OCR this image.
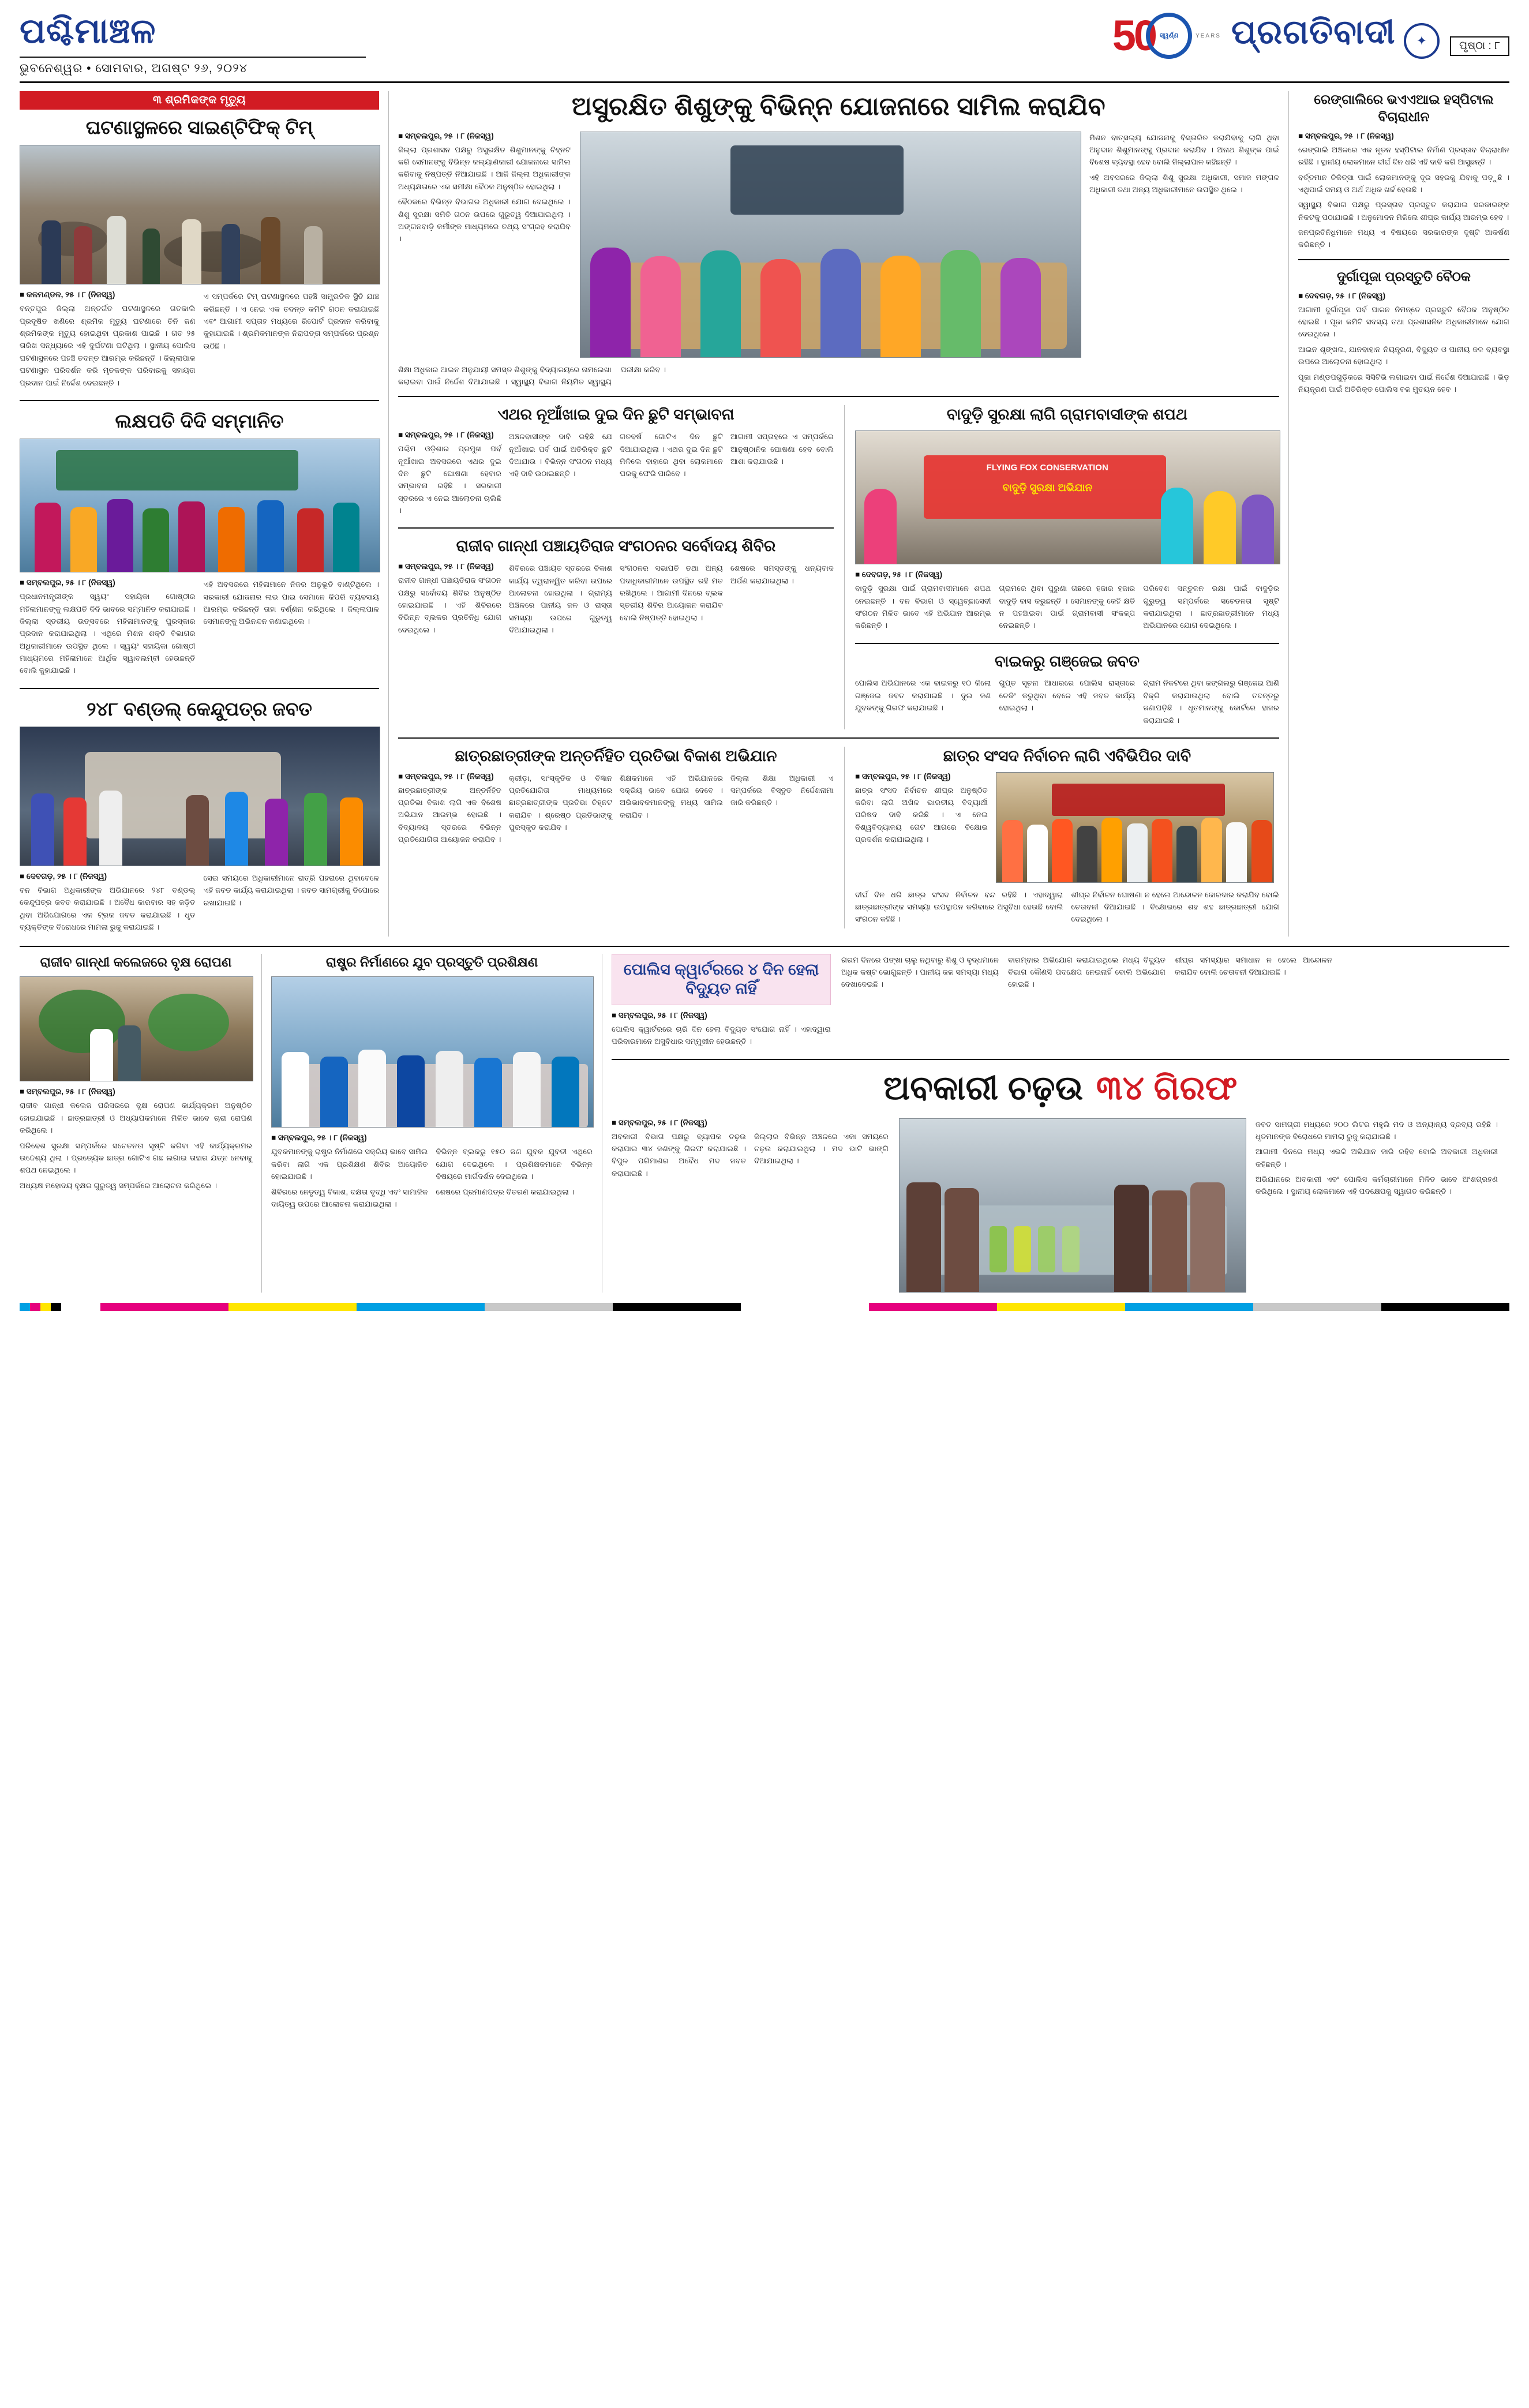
ପଶ୍ଚିମାଞ୍ଚଳ
ଭୁବନେଶ୍ୱର • ସୋମବାର, ଅଗଷ୍ଟ ୨୬, ୨୦୨୪
50 ସ୍ୱର୍ଣ୍ଣ	YEARS ପ୍ରଗତିବାଦୀ ✦	ପୃଷ୍ଠା : ୮
୩ ଶ୍ରମିକଙ୍କ ମୃତ୍ୟୁ
ଘଟଣାସ୍ଥଳରେ ସାଇଣ୍ଟିଫିକ୍ ଟିମ୍
■ କଳମଣ୍ଡଳ, ୨୫ । ୮ (ନିଜସ୍ୱ)

ବନ୍ତପୁର ଜିଲ୍ଲା ଅନ୍ତର୍ଗତ ଘଟଣାସ୍ଥଳରେ ଗତକାଲି ପ୍ରଦୂଷିତ ଖଣିରେ ଶ୍ରମିକ ମୃତ୍ୟୁ ଘଟଣାରେ ତିନି ଜଣ ଶ୍ରମିକଙ୍କ ମୃତ୍ୟୁ ହୋଇଥିବା ପ୍ରକାଶ ପାଇଛି । ଗତ ୨୫ ତାରିଖ ସନ୍ଧ୍ୟାରେ ଏହି ଦୁର୍ଘଟଣା ଘଟିଥିଲା । ସ୍ଥାନୀୟ ପୋଲିସ ଘଟଣାସ୍ଥଳରେ ପହଞ୍ଚି ତଦନ୍ତ ଆରମ୍ଭ କରିଛନ୍ତି । ଜିଲ୍ଲାପାଳ ଘଟଣାସ୍ଥଳ ପରିଦର୍ଶନ କରି ମୃତକଙ୍କ ପରିବାରକୁ ସହାୟତା ପ୍ରଦାନ ପାଇଁ ନିର୍ଦ୍ଦେଶ ଦେଇଛନ୍ତି ।

ଏ ସମ୍ପର୍କରେ ଟିମ୍ ଘଟଣାସ୍ଥଳରେ ପହଞ୍ଚି ସାମ୍ପ୍ରତିକ ସ୍ଥିତି ଯାଞ୍ଚ କରିଛନ୍ତି । ଏ ନେଇ ଏକ ତଦନ୍ତ କମିଟି ଗଠନ କରାଯାଇଛି ଏବଂ ଆଗାମୀ ସପ୍ତାହ ମଧ୍ୟରେ ରିପୋର୍ଟ ପ୍ରଦାନ କରିବାକୁ କୁହାଯାଇଛି । ଶ୍ରମିକମାନଙ୍କ ନିରାପତ୍ତା ସମ୍ପର୍କରେ ପ୍ରଶ୍ନ ଉଠିଛି ।

ଲକ୍ଷପତି ଦିଦି ସମ୍ମାନିତ
■ ସମ୍ବଲପୁର, ୨୫ । ୮ (ନିଜସ୍ୱ)

ପ୍ରଧାନମନ୍ତ୍ରୀଙ୍କ ସ୍ୱୟଂ ସହାୟିକା ଗୋଷ୍ଠୀର ମହିଳାମାନଙ୍କୁ ଲକ୍ଷପତି ଦିଦି ଭାବରେ ସମ୍ମାନିତ କରାଯାଇଛି । ଜିଲ୍ଲା ସ୍ତରୀୟ ଉତ୍ସବରେ ମହିଳାମାନଙ୍କୁ ପୁରସ୍କାର ପ୍ରଦାନ କରାଯାଇଥିଲା । ଏଥିରେ ମିଶନ ଶକ୍ତି ବିଭାଗର ଅଧିକାରୀମାନେ ଉପସ୍ଥିତ ଥିଲେ । ସ୍ୱୟଂ ସହାୟିକା ଗୋଷ୍ଠୀ ମାଧ୍ୟମରେ ମହିଳାମାନେ ଆର୍ଥିକ ସ୍ୱାବଲମ୍ବୀ ହେଉଛନ୍ତି ବୋଲି କୁହାଯାଇଛି ।

ଏହି ଅବସରରେ ମହିଳାମାନେ ନିଜର ଅନୁଭୂତି ବାଣ୍ଟିଥିଲେ । ସରକାରୀ ଯୋଜନାର ଲାଭ ପାଇ ସେମାନେ କିପରି ବ୍ୟବସାୟ ଆରମ୍ଭ କରିଛନ୍ତି ତାହା ବର୍ଣ୍ଣନା କରିଥିଲେ । ଜିଲ୍ଲାପାଳ ସେମାନଙ୍କୁ ଅଭିନନ୍ଦନ ଜଣାଇଥିଲେ ।

୨୪୮ ବଣ୍ଡଲ୍ କେନ୍ଦୁପତ୍ର ଜବତ
■ ଦେବଗଡ଼, ୨୫ । ୮ (ନିଜସ୍ୱ)

ବନ ବିଭାଗ ଅଧିକାରୀଙ୍କ ଅଭିଯାନରେ ୨୪୮ ବଣ୍ଡଲ୍ କେନ୍ଦୁପତ୍ର ଜବତ କରାଯାଇଛି । ଅବୈଧ କାରବାର ସହ ଜଡ଼ିତ ଥିବା ଅଭିଯୋଗରେ ଏକ ଟ୍ରକ ଜବତ କରାଯାଇଛି । ଧୃତ ବ୍ୟକ୍ତିଙ୍କ ବିରୋଧରେ ମାମଲା ରୁଜୁ କରାଯାଇଛି ।

ସେଇ ସମୟରେ ଅଧିକାରୀମାନେ ରାତ୍ରି ପହରାରେ ଥିବାବେଳେ ଏହି ଜବତ କାର୍ଯ୍ୟ କରାଯାଇଥିଲା । ଜବତ ସାମଗ୍ରୀକୁ ଡିପୋରେ ରଖାଯାଇଛି ।

ଅସୁରକ୍ଷିତ ଶିଶୁଙ୍କୁ ବିଭିନ୍ନ ଯୋଜନାରେ ସାମିଲ କରାଯିବ
■ ସମ୍ବଲପୁର, ୨୫ । ୮ (ନିଜସ୍ୱ)

ଜିଲ୍ଲା ପ୍ରଶାସନ ପକ୍ଷରୁ ଅସୁରକ୍ଷିତ ଶିଶୁମାନଙ୍କୁ ଚିହ୍ନଟ କରି ସେମାନଙ୍କୁ ବିଭିନ୍ନ କଲ୍ୟାଣକାରୀ ଯୋଜନାରେ ସାମିଲ କରିବାକୁ ନିଷ୍ପତ୍ତି ନିଆଯାଇଛି । ଆଜି ଜିଲ୍ଲା ଅଧିକାରୀଙ୍କ ଅଧ୍ୟକ୍ଷତାରେ ଏକ ସମୀକ୍ଷା ବୈଠକ ଅନୁଷ୍ଠିତ ହୋଇଥିଲା ।

ବୈଠକରେ ବିଭିନ୍ନ ବିଭାଗର ଅଧିକାରୀ ଯୋଗ ଦେଇଥିଲେ । ଶିଶୁ ସୁରକ୍ଷା ସମିତି ଗଠନ ଉପରେ ଗୁରୁତ୍ୱ ଦିଆଯାଇଥିଲା । ଅଙ୍ଗନବାଡ଼ି କର୍ମୀଙ୍କ ମାଧ୍ୟମରେ ତଥ୍ୟ ସଂଗ୍ରହ କରାଯିବ ।

ମିଶନ ବାତ୍ସଲ୍ୟ ଯୋଜନାକୁ ବିସ୍ତାରିତ କରାଯିବାକୁ ଲାଗି ଥିବା ଅନୁଦାନ ଶିଶୁମାନଙ୍କୁ ପ୍ରଦାନ କରାଯିବ । ଅନାଥ ଶିଶୁଙ୍କ ପାଇଁ ବିଶେଷ ବ୍ୟବସ୍ଥା ହେବ ବୋଲି ଜିଲ୍ଲାପାଳ କହିଛନ୍ତି ।

ଏହି ଅବସରରେ ଜିଲ୍ଲା ଶିଶୁ ସୁରକ୍ଷା ଅଧିକାରୀ, ସମାଜ ମଙ୍ଗଳ ଅଧିକାରୀ ତଥା ଅନ୍ୟ ଅଧିକାରୀମାନେ ଉପସ୍ଥିତ ଥିଲେ ।

ଶିକ୍ଷା ଅଧିକାର ଆଇନ ଅନୁଯାୟୀ ସମସ୍ତ ଶିଶୁଙ୍କୁ ବିଦ୍ୟାଳୟରେ ନାମଲେଖା କରାଇବା ପାଇଁ ନିର୍ଦ୍ଦେଶ ଦିଆଯାଇଛି । ସ୍ୱାସ୍ଥ୍ୟ ବିଭାଗ ନିୟମିତ ସ୍ୱାସ୍ଥ୍ୟ ପରୀକ୍ଷା କରିବ ।

ଏଥର ନୂଆଁଖାଇ ଦୁଇ ଦିନ ଛୁଟି ସମ୍ଭାବନା
■ ସମ୍ବଲପୁର, ୨୫ । ୮ (ନିଜସ୍ୱ)

ପଶ୍ଚିମ ଓଡ଼ିଶାର ପ୍ରମୁଖ ପର୍ବ ନୂଆଁଖାଇ ଅବସରରେ ଏଥର ଦୁଇ ଦିନ ଛୁଟି ଘୋଷଣା ହେବାର ସମ୍ଭାବନା ରହିଛି । ସରକାରୀ ସ୍ତରରେ ଏ ନେଇ ଆଲୋଚନା ଚାଲିଛି ।

ଅଞ୍ଚଳବାସୀଙ୍କ ଦାବି ରହିଛି ଯେ ନୂଆଁଖାଇ ପର୍ବ ପାଇଁ ଅତିରିକ୍ତ ଛୁଟି ଦିଆଯାଉ । ବିଭିନ୍ନ ସଂଗଠନ ମଧ୍ୟ ଏହି ଦାବି ଉଠାଇଛନ୍ତି ।

ଗତବର୍ଷ ଗୋଟିଏ ଦିନ ଛୁଟି ଦିଆଯାଇଥିଲା । ଏଥର ଦୁଇ ଦିନ ଛୁଟି ମିଳିଲେ ବାହାରେ ଥିବା ଲୋକମାନେ ଘରକୁ ଫେରି ପାରିବେ ।

ଆଗାମୀ ସପ୍ତାହରେ ଏ ସମ୍ପର୍କରେ ଆନୁଷ୍ଠାନିକ ଘୋଷଣା ହେବ ବୋଲି ଆଶା କରାଯାଉଛି ।

ରାଜୀବ ଗାନ୍ଧୀ ପଞ୍ଚାୟତିରାଜ ସଂଗଠନର ସର୍ବୋଦୟ ଶିବିର
■ ସମ୍ବଲପୁର, ୨୫ । ୮ (ନିଜସ୍ୱ)

ରାଜୀବ ଗାନ୍ଧୀ ପଞ୍ଚାୟତିରାଜ ସଂଗଠନ ପକ୍ଷରୁ ସର୍ବୋଦୟ ଶିବିର ଅନୁଷ୍ଠିତ ହୋଇଯାଇଛି । ଏହି ଶିବିରରେ ବିଭିନ୍ନ ବ୍ଲକର ପ୍ରତିନିଧି ଯୋଗ ଦେଇଥିଲେ ।

ଶିବିରରେ ପଞ୍ଚାୟତ ସ୍ତରରେ ବିକାଶ କାର୍ଯ୍ୟ ତ୍ୱରାନ୍ୱିତ କରିବା ଉପରେ ଆଲୋଚନା ହୋଇଥିଲା । ଗ୍ରାମ୍ୟ ଅଞ୍ଚଳରେ ପାନୀୟ ଜଳ ଓ ରାସ୍ତା ସମସ୍ୟା ଉପରେ ଗୁରୁତ୍ୱ ଦିଆଯାଇଥିଲା ।

ସଂଗଠନର ସଭାପତି ତଥା ଅନ୍ୟ ପଦାଧିକାରୀମାନେ ଉପସ୍ଥିତ ରହି ମତ ରଖିଥିଲେ । ଆଗାମୀ ଦିନରେ ବ୍ଲକ ସ୍ତରୀୟ ଶିବିର ଆୟୋଜନ କରାଯିବ ବୋଲି ନିଷ୍ପତ୍ତି ହୋଇଥିଲା ।

ଶେଷରେ ସମସ୍ତଙ୍କୁ ଧନ୍ୟବାଦ ଅର୍ପଣ କରାଯାଇଥିଲା ।

ବାଦୁଡ଼ି ସୁରକ୍ଷା ଲାଗି ଗ୍ରାମବାସୀଙ୍କ ଶପଥ
FLYING FOX CONSERVATION
ବାଦୁଡ଼ି ସୁରକ୍ଷା ଅଭିଯାନ
■ ଦେବଗଡ଼, ୨୫ । ୮ (ନିଜସ୍ୱ)

ବାଦୁଡ଼ି ସୁରକ୍ଷା ପାଇଁ ଗ୍ରାମବାସୀମାନେ ଶପଥ ନେଇଛନ୍ତି । ବନ ବିଭାଗ ଓ ସ୍ୱେଚ୍ଛାସେବୀ ସଂଗଠନ ମିଳିତ ଭାବେ ଏହି ଅଭିଯାନ ଆରମ୍ଭ କରିଛନ୍ତି ।

ଗ୍ରାମରେ ଥିବା ପୁରୁଣା ଗଛରେ ହଜାର ହଜାର ବାଦୁଡ଼ି ବାସ କରୁଛନ୍ତି । ସେମାନଙ୍କୁ କେହି କ୍ଷତି ନ ପହଞ୍ଚାଇବା ପାଇଁ ଗ୍ରାମବାସୀ ସଂକଳ୍ପ ନେଇଛନ୍ତି ।

ପରିବେଶ ସନ୍ତୁଳନ ରକ୍ଷା ପାଇଁ ବାଦୁଡ଼ିର ଗୁରୁତ୍ୱ ସମ୍ପର୍କରେ ସଚେତନତା ସୃଷ୍ଟି କରାଯାଇଥିଲା । ଛାତ୍ରଛାତ୍ରୀମାନେ ମଧ୍ୟ ଅଭିଯାନରେ ଯୋଗ ଦେଇଥିଲେ ।

ବାଇକରୁ ଗଞ୍ଜେଇ ଜବତ

ପୋଲିସ ଅଭିଯାନରେ ଏକ ବାଇକରୁ ୧୦ କିଲୋ ଗଞ୍ଜେଇ ଜବତ କରାଯାଇଛି । ଦୁଇ ଜଣ ଯୁବକଙ୍କୁ ଗିରଫ କରାଯାଇଛି ।

ଗୁପ୍ତ ସୂଚନା ଆଧାରରେ ପୋଲିସ ରାସ୍ତାରେ ଚେକିଂ କରୁଥିବା ବେଳେ ଏହି ଜବତ କାର୍ଯ୍ୟ ହୋଇଥିଲା ।

ଗ୍ରାମ ନିକଟରେ ଥିବା ଜଙ୍ଗଲରୁ ଗଞ୍ଜେଇ ଆଣି ବିକ୍ରି କରାଯାଉଥିଲା ବୋଲି ତଦନ୍ତରୁ ଜଣାପଡ଼ିଛି । ଧୃତମାନଙ୍କୁ କୋର୍ଟରେ ହାଜର କରାଯାଇଛି ।

ଛାତ୍ରଛାତ୍ରୀଙ୍କ ଅନ୍ତର୍ନିହିତ ପ୍ରତିଭା ବିକାଶ ଅଭିଯାନ
■ ସମ୍ବଲପୁର, ୨୫ । ୮ (ନିଜସ୍ୱ)

ଛାତ୍ରଛାତ୍ରୀଙ୍କ ଅନ୍ତର୍ନିହିତ ପ୍ରତିଭା ବିକାଶ ଲାଗି ଏକ ବିଶେଷ ଅଭିଯାନ ଆରମ୍ଭ ହୋଇଛି । ବିଦ୍ୟାଳୟ ସ୍ତରରେ ବିଭିନ୍ନ ପ୍ରତିଯୋଗିତା ଆୟୋଜନ କରାଯିବ ।

କ୍ରୀଡ଼ା, ସାଂସ୍କୃତିକ ଓ ବିଜ୍ଞାନ ପ୍ରତିଯୋଗିତା ମାଧ୍ୟମରେ ଛାତ୍ରଛାତ୍ରୀଙ୍କ ପ୍ରତିଭା ଚିହ୍ନଟ କରାଯିବ । ଶ୍ରେଷ୍ଠ ପ୍ରତିଭାଙ୍କୁ ପୁରସ୍କୃତ କରାଯିବ ।

ଶିକ୍ଷକମାନେ ଏହି ଅଭିଯାନରେ ସକ୍ରିୟ ଭାବେ ଯୋଗ ଦେବେ । ଅଭିଭାବକମାନଙ୍କୁ ମଧ୍ୟ ସାମିଲ କରାଯିବ ।

ଜିଲ୍ଲା ଶିକ୍ଷା ଅଧିକାରୀ ଏ ସମ୍ପର୍କରେ ବିସ୍ତୃତ ନିର୍ଦ୍ଦେଶନାମା ଜାରି କରିଛନ୍ତି ।

ଛାତ୍ର ସଂସଦ ନିର୍ବାଚନ ଲାଗି ଏବିଭିପିର ଦାବି
■ ସମ୍ବଲପୁର, ୨୫ । ୮ (ନିଜସ୍ୱ)

ଛାତ୍ର ସଂସଦ ନିର୍ବାଚନ ଶୀଘ୍ର ଅନୁଷ୍ଠିତ କରିବା ଲାଗି ଅଖିଳ ଭାରତୀୟ ବିଦ୍ୟାର୍ଥୀ ପରିଷଦ ଦାବି କରିଛି । ଏ ନେଇ ବିଶ୍ୱବିଦ୍ୟାଳୟ ଗେଟ ଆଗରେ ବିକ୍ଷୋଭ ପ୍ରଦର୍ଶନ କରାଯାଇଥିଲା ।

ଦୀର୍ଘ ଦିନ ଧରି ଛାତ୍ର ସଂସଦ ନିର୍ବାଚନ ବନ୍ଦ ରହିଛି । ଏହାଦ୍ୱାରା ଛାତ୍ରଛାତ୍ରୀଙ୍କ ସମସ୍ୟା ଉପସ୍ଥାପନ କରିବାରେ ଅସୁବିଧା ହେଉଛି ବୋଲି ସଂଗଠନ କହିଛି ।

ଶୀଘ୍ର ନିର୍ବାଚନ ଘୋଷଣା ନ ହେଲେ ଆନ୍ଦୋଳନ ଜୋରଦାର କରାଯିବ ବୋଲି ଚେତାବନୀ ଦିଆଯାଇଛି । ବିକ୍ଷୋଭରେ ଶହ ଶହ ଛାତ୍ରଛାତ୍ରୀ ଯୋଗ ଦେଇଥିଲେ ।

ରେଙ୍ଗାଲିରେ ଭଏଏଆଇ ହସ୍ପିଟାଲ ବିଚାରାଧୀନ
■ ସମ୍ବଲପୁର, ୨୫ । ୮ (ନିଜସ୍ୱ)

ରେଙ୍ଗାଲି ଅଞ୍ଚଳରେ ଏକ ନୂତନ ହସ୍ପିଟାଲ ନିର୍ମାଣ ପ୍ରସ୍ତାବ ବିଚାରାଧୀନ ରହିଛି । ସ୍ଥାନୀୟ ଲୋକମାନେ ଦୀର୍ଘ ଦିନ ଧରି ଏହି ଦାବି କରି ଆସୁଛନ୍ତି ।

ବର୍ତ୍ତମାନ ଚିକିତ୍ସା ପାଇଁ ଲୋକମାନଙ୍କୁ ଦୂର ସହରକୁ ଯିବାକୁ ପଡ଼ୁଛି । ଏଥିପାଇଁ ସମୟ ଓ ଅର୍ଥ ଅଧିକ ଖର୍ଚ୍ଚ ହେଉଛି ।

ସ୍ୱାସ୍ଥ୍ୟ ବିଭାଗ ପକ୍ଷରୁ ପ୍ରସ୍ତାବ ପ୍ରସ୍ତୁତ କରାଯାଇ ସରକାରଙ୍କ ନିକଟକୁ ପଠାଯାଇଛି । ଅନୁମୋଦନ ମିଳିଲେ ଶୀଘ୍ର କାର୍ଯ୍ୟ ଆରମ୍ଭ ହେବ ।

ଜନପ୍ରତିନିଧିମାନେ ମଧ୍ୟ ଏ ବିଷୟରେ ସରକାରଙ୍କ ଦୃଷ୍ଟି ଆକର୍ଷଣ କରିଛନ୍ତି ।

ଦୁର୍ଗାପୂଜା ପ୍ରସ୍ତୁତି ବୈଠକ
■ ଦେବଗଡ଼, ୨୫ । ୮ (ନିଜସ୍ୱ)

ଆଗାମୀ ଦୁର୍ଗାପୂଜା ପର୍ବ ପାଳନ ନିମନ୍ତେ ପ୍ରସ୍ତୁତି ବୈଠକ ଅନୁଷ୍ଠିତ ହୋଇଛି । ପୂଜା କମିଟି ସଦସ୍ୟ ତଥା ପ୍ରଶାସନିକ ଅଧିକାରୀମାନେ ଯୋଗ ଦେଇଥିଲେ ।

ଆଇନ ଶୃଙ୍ଖଳା, ଯାନବାହାନ ନିୟନ୍ତ୍ରଣ, ବିଦ୍ୟୁତ ଓ ପାନୀୟ ଜଳ ବ୍ୟବସ୍ଥା ଉପରେ ଆଲୋଚନା ହୋଇଥିଲା ।

ପୂଜା ମଣ୍ଡପଗୁଡ଼ିକରେ ସିସିଟିଭି ଲଗାଇବା ପାଇଁ ନିର୍ଦ୍ଦେଶ ଦିଆଯାଇଛି । ଭିଡ଼ ନିୟନ୍ତ୍ରଣ ପାଇଁ ଅତିରିକ୍ତ ପୋଲିସ ବଳ ମୁତୟନ ହେବ ।

ରାଜୀବ ଗାନ୍ଧୀ କଲେଜରେ ବୃକ୍ଷ ରୋପଣ
■ ସମ୍ବଲପୁର, ୨୫ । ୮ (ନିଜସ୍ୱ)

ରାଜୀବ ଗାନ୍ଧୀ କଲେଜ ପରିସରରେ ବୃକ୍ଷ ରୋପଣ କାର୍ଯ୍ୟକ୍ରମ ଅନୁଷ୍ଠିତ ହୋଇଯାଇଛି । ଛାତ୍ରଛାତ୍ରୀ ଓ ଅଧ୍ୟାପକମାନେ ମିଳିତ ଭାବେ ଚାରା ରୋପଣ କରିଥିଲେ ।

ପରିବେଶ ସୁରକ୍ଷା ସମ୍ପର୍କରେ ସଚେତନତା ସୃଷ୍ଟି କରିବା ଏହି କାର୍ଯ୍ୟକ୍ରମର ଉଦ୍ଦେଶ୍ୟ ଥିଲା । ପ୍ରତ୍ୟେକ ଛାତ୍ର ଗୋଟିଏ ଗଛ ଲଗାଇ ତାହାର ଯତ୍ନ ନେବାକୁ ଶପଥ ନେଇଥିଲେ ।

ଅଧ୍ୟକ୍ଷ ମହୋଦୟ ବୃକ୍ଷର ଗୁରୁତ୍ୱ ସମ୍ପର୍କରେ ଆଲୋଚନା କରିଥିଲେ ।

ରାଷ୍ଟ୍ର ନିର୍ମାଣରେ ଯୁବ ପ୍ରସ୍ତୁତି ପ୍ରଶିକ୍ଷଣ
■ ସମ୍ବଲପୁର, ୨୫ । ୮ (ନିଜସ୍ୱ)

ଯୁବକମାନଙ୍କୁ ରାଷ୍ଟ୍ର ନିର୍ମାଣରେ ସକ୍ରିୟ ଭାବେ ସାମିଲ କରିବା ଲାଗି ଏକ ପ୍ରଶିକ୍ଷଣ ଶିବିର ଆୟୋଜିତ ହୋଇଯାଇଛି ।

ଶିବିରରେ ନେତୃତ୍ୱ ବିକାଶ, ଦକ୍ଷତା ବୃଦ୍ଧି ଏବଂ ସାମାଜିକ ଦାୟିତ୍ୱ ଉପରେ ଆଲୋଚନା କରାଯାଇଥିଲା ।

ବିଭିନ୍ନ ବ୍ଲକରୁ ୧୫୦ ଜଣ ଯୁବକ ଯୁବତୀ ଏଥିରେ ଯୋଗ ଦେଇଥିଲେ । ପ୍ରଶିକ୍ଷକମାନେ ବିଭିନ୍ନ ବିଷୟରେ ମାର୍ଗଦର୍ଶନ ଦେଇଥିଲେ ।

ଶେଷରେ ପ୍ରମାଣପତ୍ର ବିତରଣ କରାଯାଇଥିଲା ।

ପୋଲିସ କ୍ୱାର୍ଟରରେ ୪ ଦିନ ହେଲା ବିଦ୍ୟୁତ ନାହିଁ
■ ସମ୍ବଲପୁର, ୨୫ । ୮ (ନିଜସ୍ୱ)

ପୋଲିସ କ୍ୱାର୍ଟରରେ ଚାରି ଦିନ ହେଲା ବିଦ୍ୟୁତ ସଂଯୋଗ ନାହିଁ । ଏହାଦ୍ୱାରା ପରିବାରମାନେ ଅସୁବିଧାର ସମ୍ମୁଖୀନ ହେଉଛନ୍ତି ।

ଗରମ ଦିନରେ ପଙ୍ଖା ଚାଲୁ ନଥିବାରୁ ଶିଶୁ ଓ ବୃଦ୍ଧମାନେ ଅଧିକ କଷ୍ଟ ଭୋଗୁଛନ୍ତି । ପାନୀୟ ଜଳ ସମସ୍ୟା ମଧ୍ୟ ଦେଖାଦେଇଛି ।

ବାରମ୍ବାର ଅଭିଯୋଗ କରାଯାଇଥିଲେ ମଧ୍ୟ ବିଦ୍ୟୁତ ବିଭାଗ କୌଣସି ପଦକ୍ଷେପ ନେଇନାହିଁ ବୋଲି ଅଭିଯୋଗ ହୋଇଛି ।

ଶୀଘ୍ର ସମସ୍ୟାର ସମାଧାନ ନ ହେଲେ ଆନ୍ଦୋଳନ କରାଯିବ ବୋଲି ଚେତାବନୀ ଦିଆଯାଇଛି ।

ଅବକାରୀ ଚଢ଼ଉ ୩୪ ଗିରଫ
■ ସମ୍ବଲପୁର, ୨୫ । ୮ (ନିଜସ୍ୱ)

ଅବକାରୀ ବିଭାଗ ପକ୍ଷରୁ ବ୍ୟାପକ ଚଢ଼ଉ କରାଯାଇ ୩୪ ଜଣଙ୍କୁ ଗିରଫ କରାଯାଇଛି । ବିପୁଳ ପରିମାଣର ଅବୈଧ ମଦ ଜବତ କରାଯାଇଛି ।

ଜିଲ୍ଲାର ବିଭିନ୍ନ ଅଞ୍ଚଳରେ ଏକା ସମୟରେ ଚଢ଼ଉ କରାଯାଇଥିଲା । ମଦ ଭାଟି ଭାଙ୍ଗି ଦିଆଯାଇଥିଲା ।

ଜବତ ସାମଗ୍ରୀ ମଧ୍ୟରେ ୨୦୦ ଲିଟର ମହୁଲି ମଦ ଓ ଅନ୍ୟାନ୍ୟ ଦ୍ରବ୍ୟ ରହିଛି । ଧୃତମାନଙ୍କ ବିରୋଧରେ ମାମଲା ରୁଜୁ କରାଯାଇଛି ।

ଆଗାମୀ ଦିନରେ ମଧ୍ୟ ଏଭଳି ଅଭିଯାନ ଜାରି ରହିବ ବୋଲି ଅବକାରୀ ଅଧିକାରୀ କହିଛନ୍ତି ।

ଅଭିଯାନରେ ଅବକାରୀ ଏବଂ ପୋଲିସ କର୍ମଚାରୀମାନେ ମିଳିତ ଭାବେ ଅଂଶଗ୍ରହଣ କରିଥିଲେ । ସ୍ଥାନୀୟ ଲୋକମାନେ ଏହି ପଦକ୍ଷେପକୁ ସ୍ୱାଗତ କରିଛନ୍ତି ।
